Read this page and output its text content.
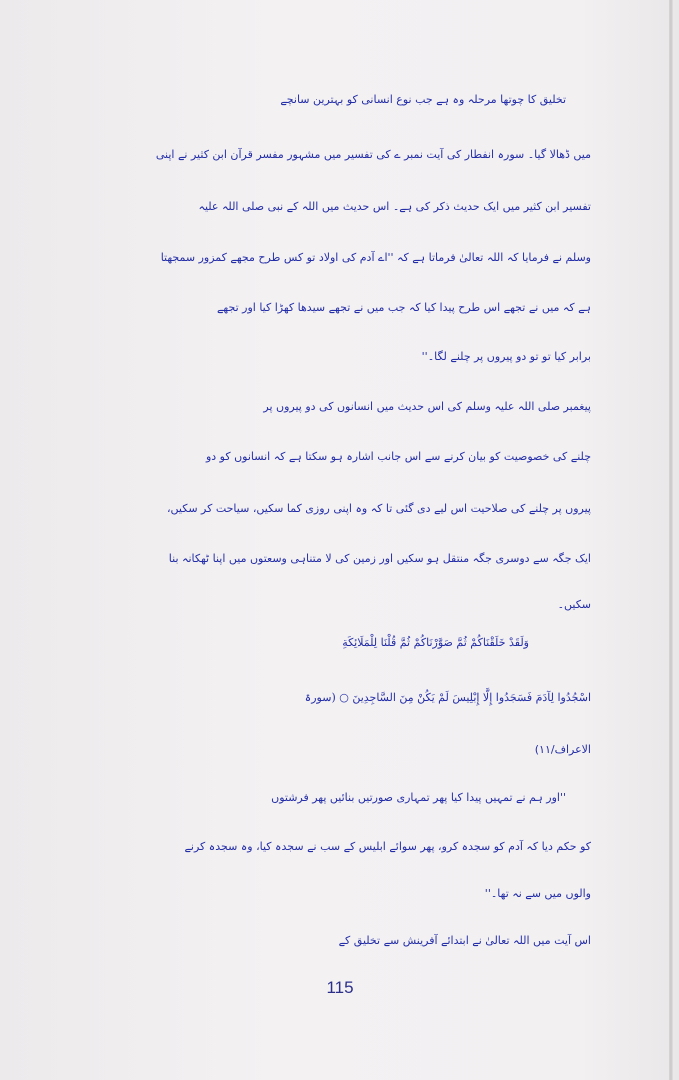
تخلیق کا چوتھا مرحلہ وہ ہے جب نوع انسانی کو بہترین سانچے
میں ڈھالا گیا۔ سورہ انفطار کی آیت نمبر ے کی تفسیر میں مشہور مفسر قرآن ابن کثیر نے اپنی
تفسیر ابن کثیر میں ایک حدیث ذکر کی ہے۔ اس حدیث میں اللہ کے نبی صلی اللہ علیہ
وسلم نے فرمایا کہ اللہ تعالیٰ فرماتا ہے کہ ''اے آدم کی اولاد تو کس طرح مجھے کمزور سمجھتا
ہے کہ میں نے تجھے اس طرح پیدا کیا کہ جب میں نے تجھے سیدھا کھڑا کیا اور تجھے
برابر کیا تو تو دو پیروں پر چلنے لگا۔''
پیغمبر صلی اللہ علیہ وسلم کی اس حدیث میں انسانوں کی دو پیروں پر
چلنے کی خصوصیت کو بیان کرنے سے اس جانب اشارہ ہو سکتا ہے کہ انسانوں کو دو
پیروں پر چلنے کی صلاحیت اس لیے دی گئی تا کہ وہ اپنی روزی کما سکیں، سیاحت کر سکیں،
ایک جگہ سے دوسری جگہ منتقل ہو سکیں اور زمین کی لا متناہی وسعتوں میں اپنا ٹھکانہ بنا
سکیں۔
وَلَقَدْ خَلَقْنَاكُمْ ثُمَّ صَوَّرْنَاكُمْ ثُمَّ قُلْنَا لِلْمَلَائِكَةِ
اسْجُدُوا لِآدَمَ فَسَجَدُوا إِلَّا إِبْلِيسَ لَمْ يَكُنْ مِنَ السَّاجِدِينَ ○ (سورۃ
الاعراف/۱۱)
''اور ہم نے تمہیں پیدا کیا پھر تمہاری صورتیں بنائیں پھر فرشتوں
کو حکم دیا کہ آدم کو سجدہ کرو، پھر سوائے ابلیس کے سب نے سجدہ کیا، وہ سجدہ کرنے
والوں میں سے نہ تھا۔''
اس آیت میں اللہ تعالیٰ نے ابتدائے آفرینش سے تخلیق کے
115
